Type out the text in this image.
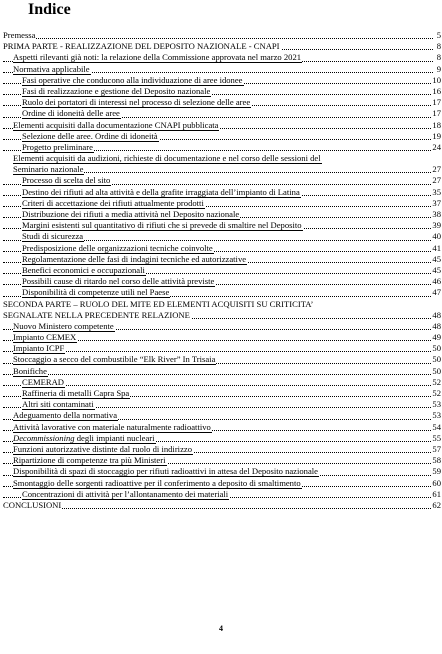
Indice
Premessa	5
PRIMA PARTE - REALIZZAZIONE DEL DEPOSITO NAZIONALE - CNAPI	8
Aspetti rilevanti già noti: la relazione della Commissione approvata nel marzo 2021	8
Normativa applicabile	9
Fasi operative che conducono alla individuazione di aree idonee	10
Fasi di realizzazione e gestione del Deposito nazionale	16
Ruolo dei portatori di interessi nel processo di selezione delle aree	17
Ordine di idoneità delle aree	17
Elementi acquisiti dalla documentazione CNAPI pubblicata	18
Selezione delle aree. Ordine di idoneità	19
Progetto preliminare	24
Elementi acquisiti da audizioni, richieste di documentazione e nel corso delle sessioni del
Seminario nazionale	27
Processo di scelta del sito	27
Destino dei rifiuti ad alta attività e della grafite irraggiata dell’impianto di Latina	35
Criteri di accettazione dei rifiuti attualmente prodotti	37
Distribuzione dei rifiuti a media attività nel Deposito nazionale	38
Margini esistenti sul quantitativo di rifiuti che si prevede di smaltire nel Deposito	39
Studi di sicurezza	40
Predisposizione delle organizzazioni tecniche coinvolte	41
Regolamentazione delle fasi di indagini tecniche ed autorizzative	45
Benefici economici e occupazionali	45
Possibili cause di ritardo nel corso delle attività previste	46
Disponibilità di competenze utili nel Paese	47
SECONDA PARTE – RUOLO DEL MITE ED ELEMENTI ACQUISITI SU CRITICITA’
SEGNALATE NELLA PRECEDENTE RELAZIONE	48
Nuovo Ministero competente	48
Impianto CEMEX	49
Impianto ICPF	50
Stoccaggio a secco del combustibile “Elk River” In Trisaia	50
Bonifiche	50
CEMERAD	52
Raffineria di metalli Capra Spa	52
Altri siti contaminati	53
Adeguamento della normativa	53
Attività lavorative con materiale naturalmente radioattivo	54
Decommissioning degli impianti nucleari	55
Funzioni autorizzative distinte dal ruolo di indirizzo	57
Ripartizione di competenze tra più Ministeri	58
Disponibilità di spazi di stoccaggio per rifiuti radioattivi in attesa del Deposito nazionale	59
Smontaggio delle sorgenti radioattive per il conferimento a deposito di smaltimento	60
Concentrazioni di attività per l’allontanamento dei materiali	61
CONCLUSIONI	62
4
